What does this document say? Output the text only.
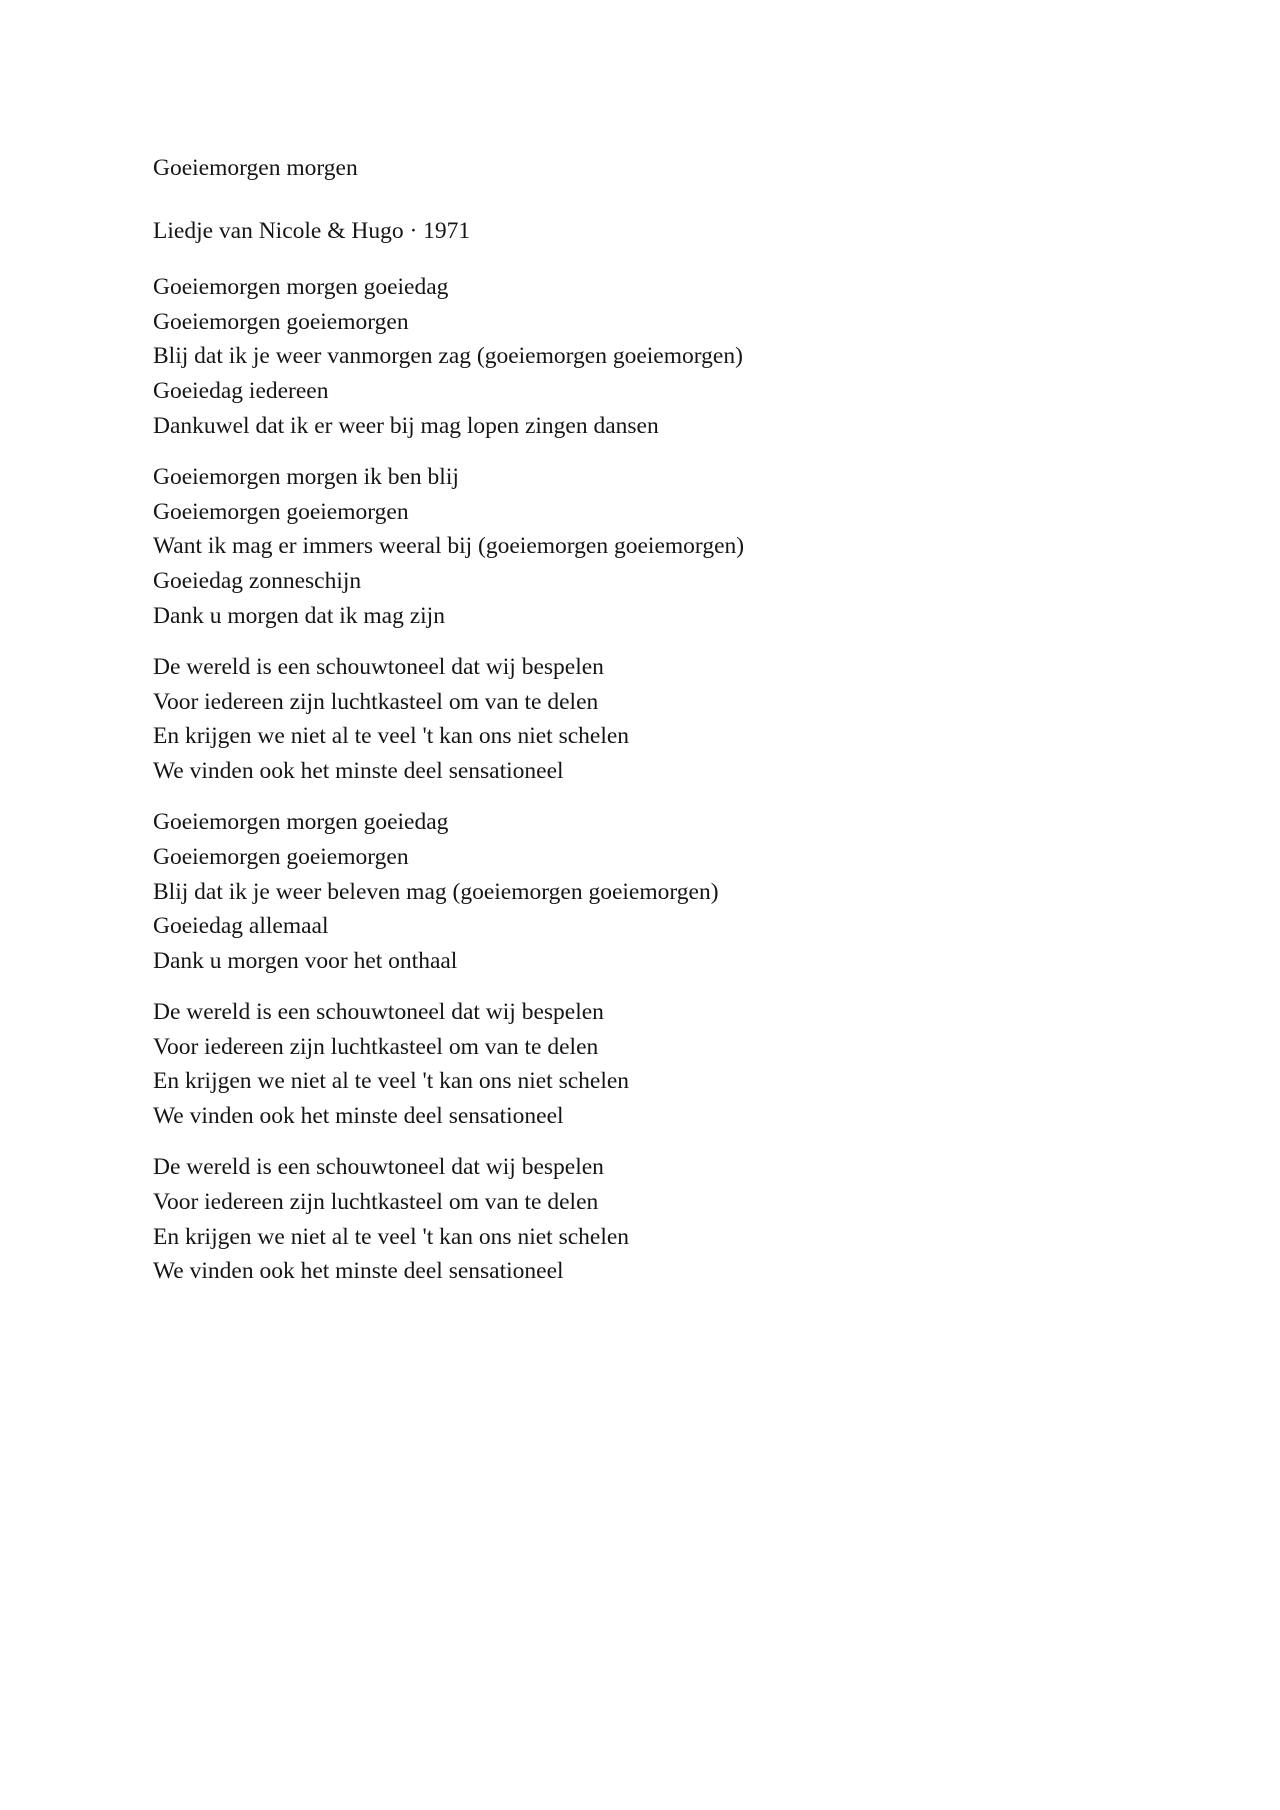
Goeiemorgen morgen
Liedje van Nicole & Hugo · 1971
Goeiemorgen morgen goeiedag
Goeiemorgen goeiemorgen
Blij dat ik je weer vanmorgen zag (goeiemorgen goeiemorgen)
Goeiedag iedereen
Dankuwel dat ik er weer bij mag lopen zingen dansen
Goeiemorgen morgen ik ben blij
Goeiemorgen goeiemorgen
Want ik mag er immers weeral bij (goeiemorgen goeiemorgen)
Goeiedag zonneschijn
Dank u morgen dat ik mag zijn
De wereld is een schouwtoneel dat wij bespelen
Voor iedereen zijn luchtkasteel om van te delen
En krijgen we niet al te veel 't kan ons niet schelen
We vinden ook het minste deel sensationeel
Goeiemorgen morgen goeiedag
Goeiemorgen goeiemorgen
Blij dat ik je weer beleven mag (goeiemorgen goeiemorgen)
Goeiedag allemaal
Dank u morgen voor het onthaal
De wereld is een schouwtoneel dat wij bespelen
Voor iedereen zijn luchtkasteel om van te delen
En krijgen we niet al te veel 't kan ons niet schelen
We vinden ook het minste deel sensationeel
De wereld is een schouwtoneel dat wij bespelen
Voor iedereen zijn luchtkasteel om van te delen
En krijgen we niet al te veel 't kan ons niet schelen
We vinden ook het minste deel sensationeel
